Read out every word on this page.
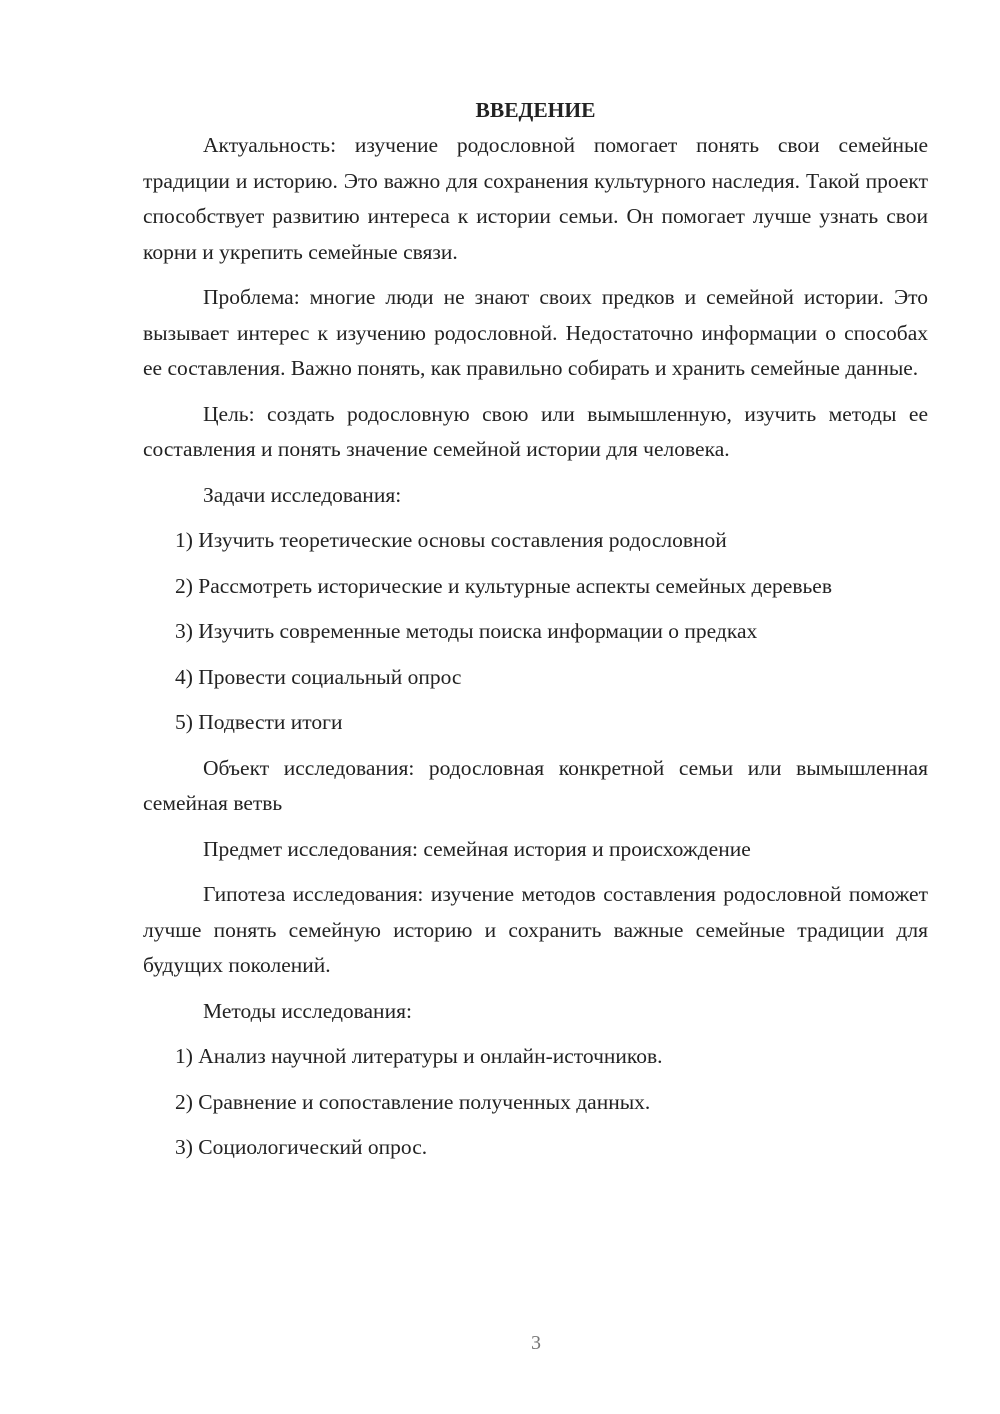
ВВЕДЕНИЕ

Актуальность: изучение родословной помогает понять свои семейные традиции и историю. Это важно для сохранения культурного наследия. Такой проект способствует развитию интереса к истории семьи. Он помогает лучше узнать свои корни и укрепить семейные связи.

Проблема: многие люди не знают своих предков и семейной истории. Это вызывает интерес к изучению родословной. Недостаточно информации о способах ее составления. Важно понять, как правильно собирать и хранить семейные данные.

Цель: создать родословную свою или вымышленную, изучить методы ее составления и понять значение семейной истории для человека.

Задачи исследования:

1) Изучить теоретические основы составления родословной
2) Рассмотреть исторические и культурные аспекты семейных деревьев
3) Изучить современные методы поиска информации о предках
4) Провести социальный опрос
5) Подвести итоги

Объект исследования: родословная конкретной семьи или вымышленная семейная ветвь

Предмет исследования: семейная история и происхождение

Гипотеза исследования: изучение методов составления родословной поможет лучше понять семейную историю и сохранить важные семейные традиции для будущих поколений.

Методы исследования:

1) Анализ научной литературы и онлайн-источников.
2) Сравнение и сопоставление полученных данных.
3) Социологический опрос.
3
